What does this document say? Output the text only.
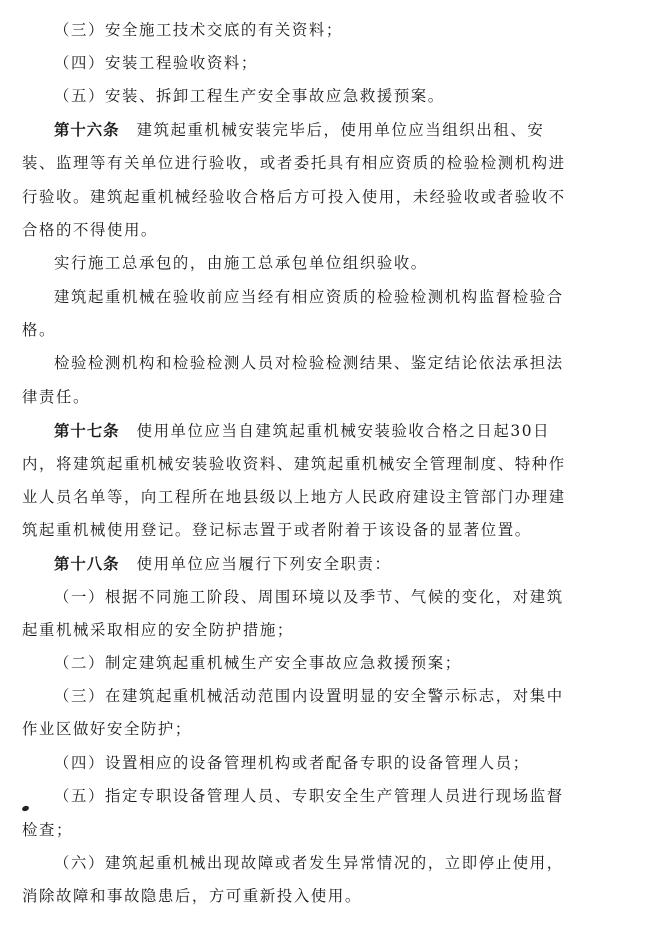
（三）安全施工技术交底的有关资料；
（四）安装工程验收资料；
（五）安装、拆卸工程生产安全事故应急救援预案。
第十六条  建筑起重机械安装完毕后，使用单位应当组织出租、安
装、监理等有关单位进行验收，或者委托具有相应资质的检验检测机构进
行验收。建筑起重机械经验收合格后方可投入使用，未经验收或者验收不
合格的不得使用。
实行施工总承包的，由施工总承包单位组织验收。
建筑起重机械在验收前应当经有相应资质的检验检测机构监督检验合
格。
检验检测机构和检验检测人员对检验检测结果、鉴定结论依法承担法
律责任。
第十七条  使用单位应当自建筑起重机械安装验收合格之日起30日
内，将建筑起重机械安装验收资料、建筑起重机械安全管理制度、特种作
业人员名单等，向工程所在地县级以上地方人民政府建设主管部门办理建
筑起重机械使用登记。登记标志置于或者附着于该设备的显著位置。
第十八条  使用单位应当履行下列安全职责：
（一）根据不同施工阶段、周围环境以及季节、气候的变化，对建筑
起重机械采取相应的安全防护措施；
（二）制定建筑起重机械生产安全事故应急救援预案；
（三）在建筑起重机械活动范围内设置明显的安全警示标志，对集中
作业区做好安全防护；
（四）设置相应的设备管理机构或者配备专职的设备管理人员；
（五）指定专职设备管理人员、专职安全生产管理人员进行现场监督
检查；
（六）建筑起重机械出现故障或者发生异常情况的，立即停止使用，
消除故障和事故隐患后，方可重新投入使用。
